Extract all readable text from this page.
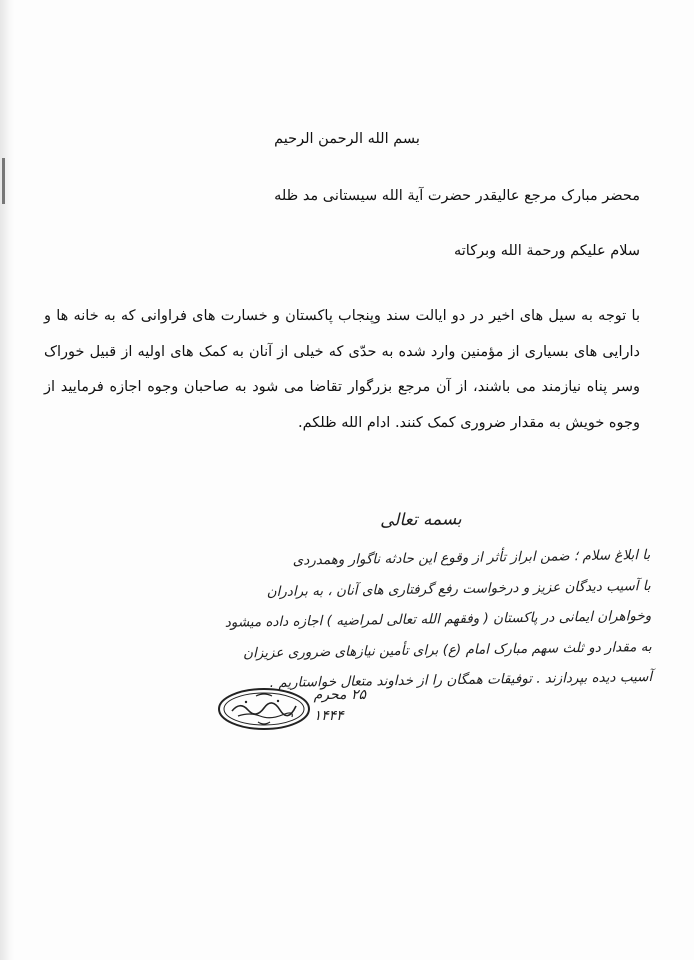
بسم الله الرحمن الرحیم
محضر مبارک مرجع عالیقدر حضرت آیة الله سیستانی مد ظله
سلام علیکم ورحمة الله وبرکاته
با توجه به سیل های اخیر در دو ایالت سند وپنجاب پاکستان و خسارت های فراوانی که به خانه ها و دارایی های بسیاری از مؤمنین وارد شده به حدّی که خیلی از آنان به کمک های اولیه از قبیل خوراک وسر پناه نیازمند می باشند، از آن مرجع بزرگوار تقاضا می شود به صاحبان وجوه اجازه فرمایید از وجوه خویش به مقدار ضروری کمک کنند. ادام الله ظلکم.
بسمه تعالی
با ابلاغ سلام ؛ ضمن ابراز تأثر از وقوع این حادثه ناگوار وهمدردی
با آسیب دیدگان عزیز و درخواست رفع گرفتاری های آنان ، به برادران
وخواهران ایمانی در پاکستان ( وفقهم الله تعالی لمراضیه ) اجازه داده میشود
به مقدار دو ثلث سهم مبارک امام (ع) برای تأمین نیازهای ضروری عزیزان
آسیب دیده بپردازند . توفیقات همگان را از خداوند متعال خواستاریم .
۲۵ محرم
۱۴۴۴
